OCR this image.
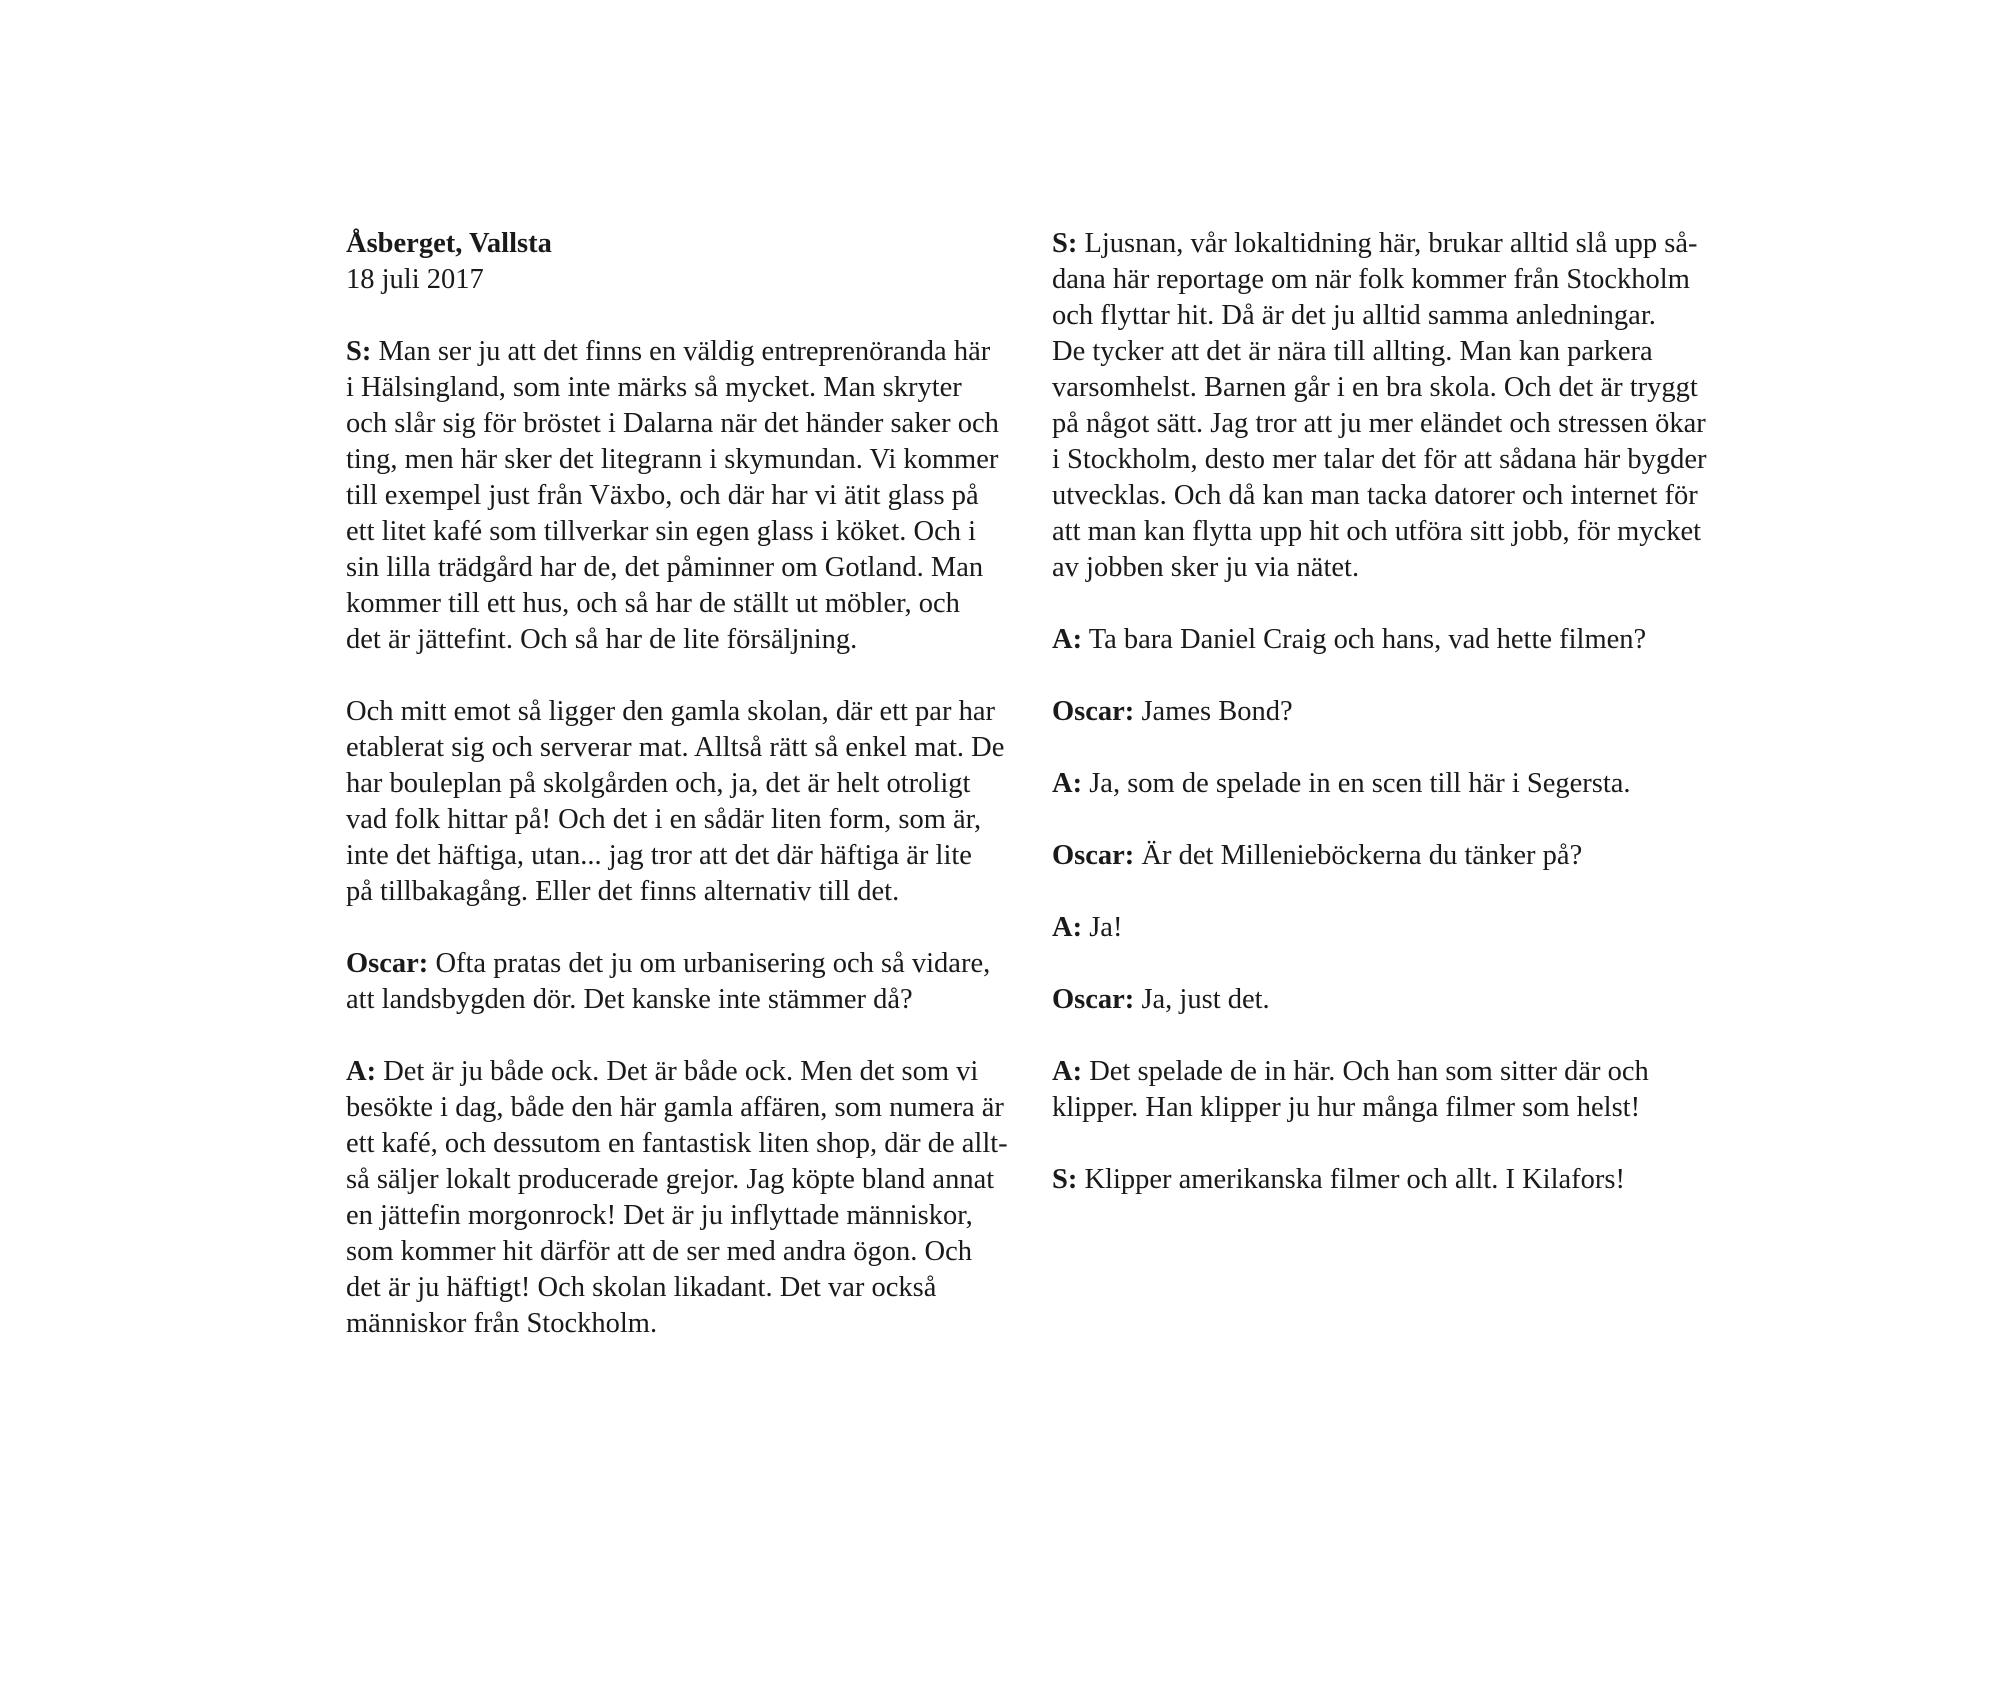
Åsberget, Vallsta
18 juli 2017
S: Man ser ju att det finns en väldig entreprenöranda här
i Hälsingland, som inte märks så mycket. Man skryter
och slår sig för bröstet i Dalarna när det händer saker och
ting, men här sker det litegrann i skymundan. Vi kommer
till exempel just från Växbo, och där har vi ätit glass på
ett litet kafé som tillverkar sin egen glass i köket. Och i
sin lilla trädgård har de, det påminner om Gotland. Man
kommer till ett hus, och så har de ställt ut möbler, och
det är jättefint. Och så har de lite försäljning.
Och mitt emot så ligger den gamla skolan, där ett par har
etablerat sig och serverar mat. Alltså rätt så enkel mat. De
har bouleplan på skolgården och, ja, det är helt otroligt
vad folk hittar på! Och det i en sådär liten form, som är,
inte det häftiga, utan... jag tror att det där häftiga är lite
på tillbakagång. Eller det finns alternativ till det.
Oscar: Ofta pratas det ju om urbanisering och så vidare,
att landsbygden dör. Det kanske inte stämmer då?
A: Det är ju både ock. Det är både ock. Men det som vi
besökte i dag, både den här gamla affären, som numera är
ett kafé, och dessutom en fantastisk liten shop, där de allt-
så säljer lokalt producerade grejor. Jag köpte bland annat
en jättefin morgonrock! Det är ju inflyttade människor,
som kommer hit därför att de ser med andra ögon. Och
det är ju häftigt! Och skolan likadant. Det var också
människor från Stockholm.
S: Ljusnan, vår lokaltidning här, brukar alltid slå upp så-
dana här reportage om när folk kommer från Stockholm
och flyttar hit. Då är det ju alltid samma anledningar.
De tycker att det är nära till allting. Man kan parkera
varsomhelst. Barnen går i en bra skola. Och det är tryggt
på något sätt. Jag tror att ju mer eländet och stressen ökar
i Stockholm, desto mer talar det för att sådana här bygder
utvecklas. Och då kan man tacka datorer och internet för
att man kan flytta upp hit och utföra sitt jobb, för mycket
av jobben sker ju via nätet.
A: Ta bara Daniel Craig och hans, vad hette filmen?
Oscar: James Bond?
A: Ja, som de spelade in en scen till här i Segersta.
Oscar: Är det Millenieböckerna du tänker på?
A: Ja!
Oscar: Ja, just det.
A: Det spelade de in här. Och han som sitter där och
klipper. Han klipper ju hur många filmer som helst!
S: Klipper amerikanska filmer och allt. I Kilafors!
